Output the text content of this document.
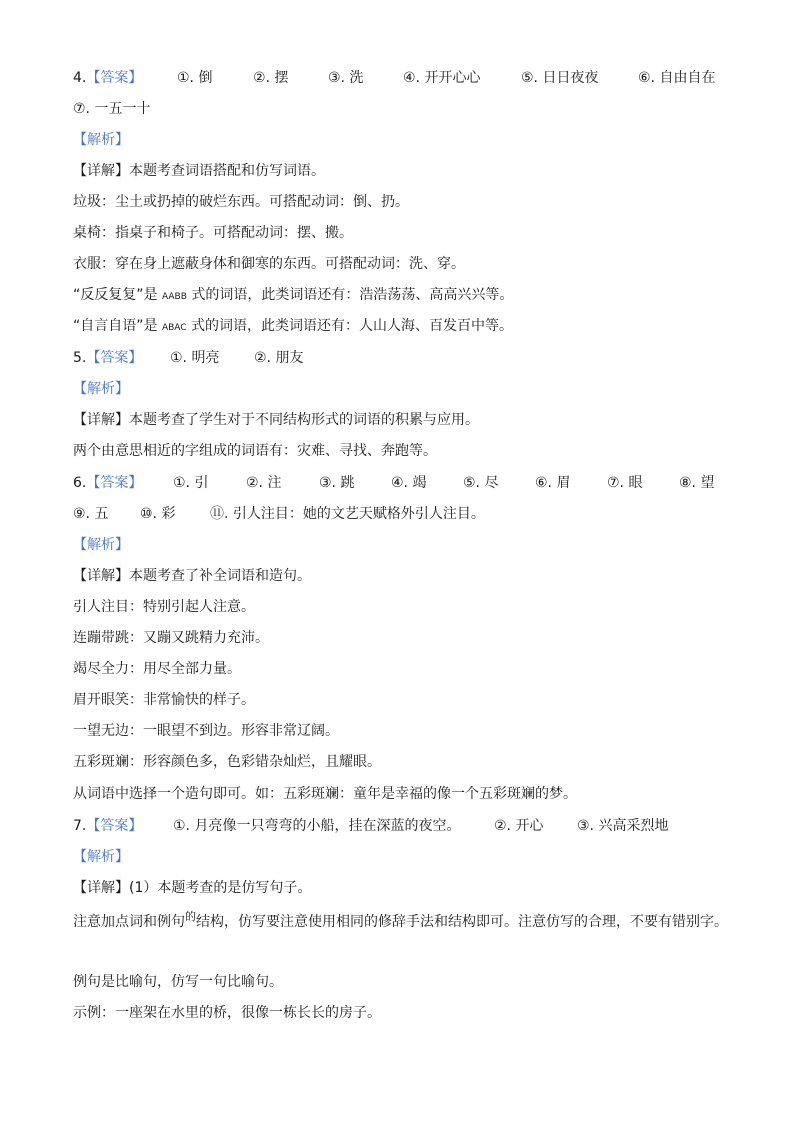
4.【答案】 ①. 倒	②. 摆	③. 洗	④. 开开心心	⑤. 日日夜夜	⑥. 自由自在
⑦. 一五一十
【解析】
【详解】本题考查词语搭配和仿写词语。
垃圾：尘土或扔掉的破烂东西。可搭配动词：倒、扔。
桌椅：指桌子和椅子。可搭配动词：摆、搬。
衣服：穿在身上遮蔽身体和御寒的东西。可搭配动词：洗、穿。
“反反复复”是 AABB 式的词语，此类词语还有：浩浩荡荡、高高兴兴等。
“自言自语”是 ABAC 式的词语，此类词语还有：人山人海、百发百中等。
5.【答案】 ①. 明亮 ②. 朋友
【解析】
【详解】本题考查了学生对于不同结构形式的词语的积累与应用。
两个由意思相近的字组成的词语有：灾难、寻找、奔跑等。
6.【答案】 ①. 引	②. 注	③. 跳	④. 竭	⑤. 尽	⑥. 眉	⑦. 眼	⑧. 望
⑨. 五 ⑩. 彩 ⑪. 引人注目：她的文艺天赋格外引人注目。
【解析】
【详解】本题考查了补全词语和造句。
引人注目：特别引起人注意。
连蹦带跳：又蹦又跳精力充沛。
竭尽全力：用尽全部力量。
眉开眼笑：非常愉快的样子。
一望无边：一眼望不到边。形容非常辽阔。
五彩斑斓：形容颜色多，色彩错杂灿烂，且耀眼。
从词语中选择一个造句即可。如：五彩斑斓：童年是幸福的像一个五彩斑斓的梦。
7.【答案】 ①. 月亮像一只弯弯的小船，挂在深蓝的夜空。 ②. 开心 ③. 兴高采烈地
【解析】
【详解】(1）本题考查的是仿写句子。
注意加点词和例句$^的$结构，仿写要注意使用相同的修辞手法和结构即可。注意仿写的合理，不要有错别字。
例句是比喻句，仿写一句比喻句。
示例：一座架在水里的桥，很像一栋长长的房子。
